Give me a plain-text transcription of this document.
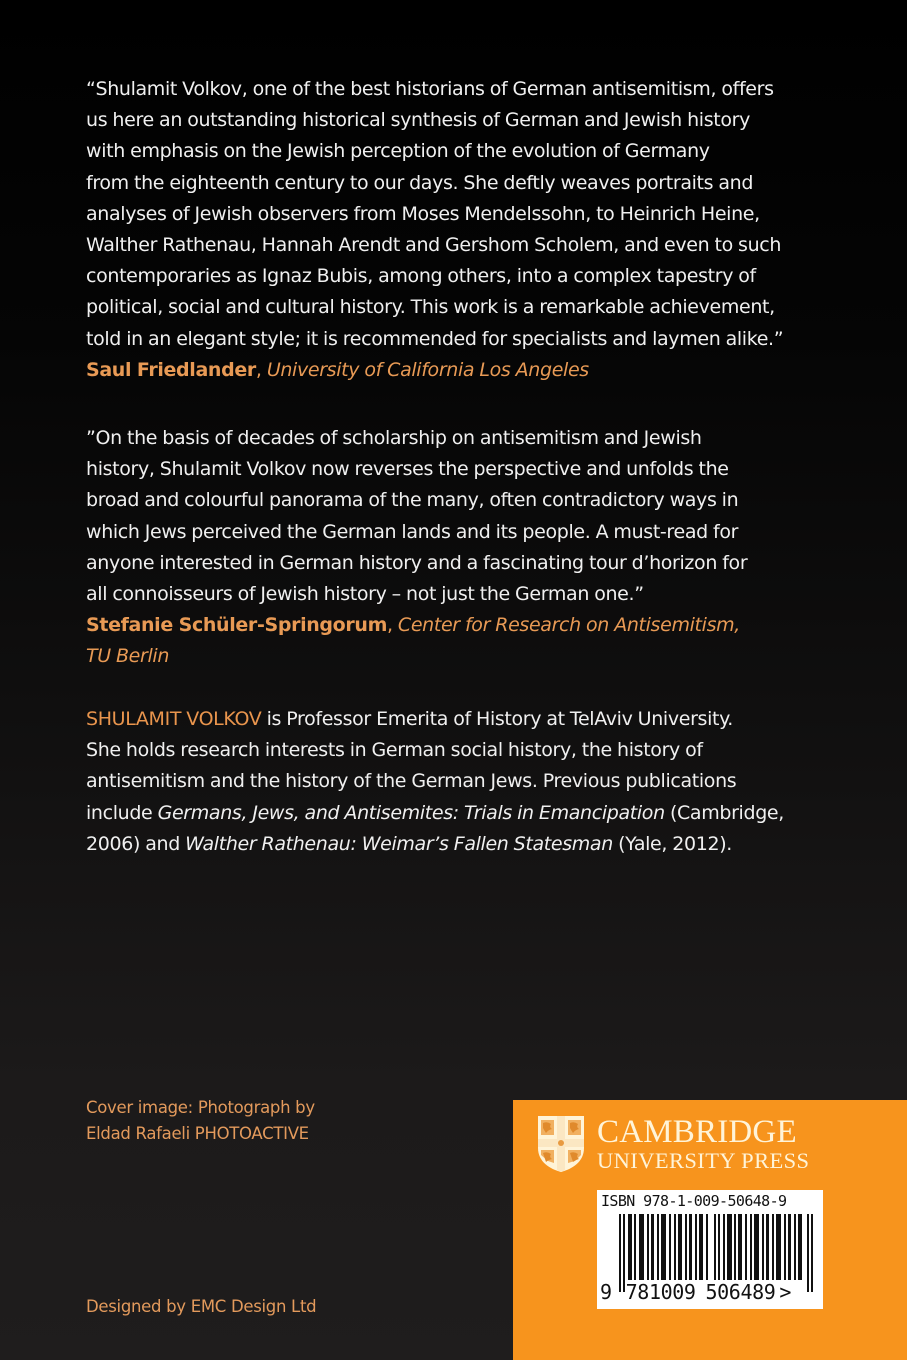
“Shulamit Volkov, one of the best historians of German antisemitism, offers
us here an outstanding historical synthesis of German and Jewish history
with emphasis on the Jewish perception of the evolution of Germany
from the eighteenth century to our days. She deftly weaves portraits and
analyses of Jewish observers from Moses Mendelssohn, to Heinrich Heine,
Walther Rathenau, Hannah Arendt and Gershom Scholem, and even to such
contemporaries as Ignaz Bubis, among others, into a complex tapestry of
political, social and cultural history. This work is a remarkable achievement,
told in an elegant style; it is recommended for specialists and laymen alike.”
Saul Friedlander, University of California Los Angeles

”On the basis of decades of scholarship on antisemitism and Jewish
history, Shulamit Volkov now reverses the perspective and unfolds the
broad and colourful panorama of the many, often contradictory ways in
which Jews perceived the German lands and its people. A must-read for
anyone interested in German history and a fascinating tour d’horizon for
all connoisseurs of Jewish history – not just the German one.”
Stefanie Schüler-Springorum, Center for Research on Antisemitism,
TU Berlin

SHULAMIT VOLKOV is Professor Emerita of History at TelAviv University.
She holds research interests in German social history, the history of
antisemitism and the history of the German Jews. Previous publications
include Germans, Jews, and Antisemites: Trials in Emancipation (Cambridge,
2006) and Walther Rathenau: Weimar’s Fallen Statesman (Yale, 2012).

Cover image: Photograph by
Eldad Rafaeli PHOTOACTIVE
Designed by EMC Design Ltd
CAMBRIDGE
UNIVERSITY PRESS
ISBN 978-1-009-50648-9
9 781009 506489 >
